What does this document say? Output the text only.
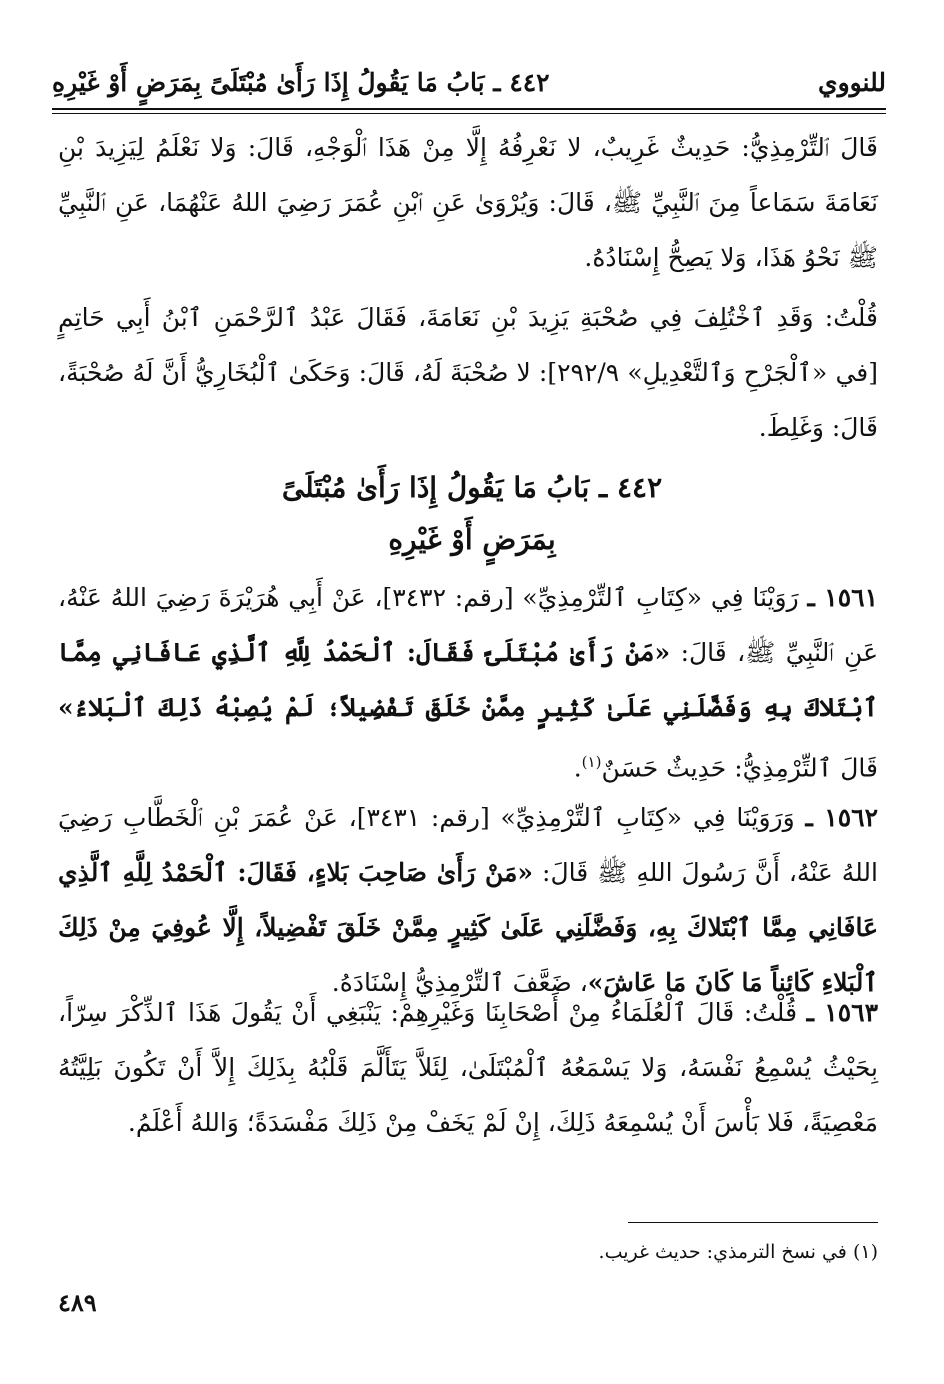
للنووي
٤٤٢ ـ بَابُ مَا يَقُولُ إِذَا رَأَىٰ مُبْتَلَىً بِمَرَضٍ أَوْ غَيْرِهِ
قَالَ ٱلتِّرْمِذِيُّ: حَدِيثٌ غَرِيبٌ، لا نَعْرِفُهُ إِلَّا مِنْ هَذَا ٱلْوَجْهِ، قَالَ: وَلا نَعْلَمُ لِيَزِيدَ بْنِ نَعَامَةَ سَمَاعاً مِنَ ٱلنَّبِيِّ ﷺ، قَالَ: وَيُرْوَىٰ عَنِ ٱبْنِ عُمَرَ رَضِيَ اللهُ عَنْهُمَا، عَنِ ٱلنَّبِيِّ ﷺ نَحْوُ هَذَا، وَلا يَصِحُّ إِسْنَادُهُ.
قُلْتُ: وَقَدِ ٱخْتُلِفَ فِي صُحْبَةِ يَزِيدَ بْنِ نَعَامَةَ، فَقَالَ عَبْدُ ٱلرَّحْمَنِ ٱبْنُ أَبِي حَاتِمٍ [في «ٱلْجَرْحِ وَٱلتَّعْدِيلِ» ٢٩٢/٩]: لا صُحْبَةَ لَهُ، قَالَ: وَحَكَىٰ ٱلْبُخَارِيُّ أَنَّ لَهُ صُحْبَةً، قَالَ: وَغَلِطَ.
٤٤٢ ـ بَابُ مَا يَقُولُ إِذَا رَأَىٰ مُبْتَلَىً
بِمَرَضٍ أَوْ غَيْرِهِ
١٥٦١ ـ رَوَيْنَا فِي «كِتَابِ ٱلتِّرْمِذِيِّ» [رقم: ٣٤٣٢]، عَنْ أَبِي هُرَيْرَةَ رَضِيَ اللهُ عَنْهُ، عَنِ ٱلنَّبِيِّ ﷺ، قَالَ: «مَنْ رَأَىٰ مُبْتَلَىً فَقَالَ: ٱلْحَمْدُ لِلَّهِ ٱلَّذِي عَافَانِي مِمَّا ٱبْتَلاكَ بِهِ وَفَضَّلَنِي عَلَىٰ كَثِيرٍ مِمَّنْ خَلَقَ تَفْضِيلاً؛ لَمْ يُصِبْهُ ذَلِكَ ٱلْبَلاءُ» قَالَ ٱلتِّرْمِذِيُّ: حَدِيثٌ حَسَنٌ$^{(١)}$.
١٥٦٢ ـ وَرَوَيْنَا فِي «كِتَابِ ٱلتِّرْمِذِيِّ» [رقم: ٣٤٣١]، عَنْ عُمَرَ بْنِ ٱلْخَطَّابِ رَضِيَ اللهُ عَنْهُ، أَنَّ رَسُولَ اللهِ ﷺ قَالَ: «مَنْ رَأَىٰ صَاحِبَ بَلاءٍ، فَقَالَ: ٱلْحَمْدُ لِلَّهِ ٱلَّذِي عَافَانِي مِمَّا ٱبْتَلاكَ بِهِ، وَفَضَّلَنِي عَلَىٰ كَثِيرٍ مِمَّنْ خَلَقَ تَفْضِيلاً، إِلَّا عُوفِيَ مِنْ ذَلِكَ ٱلْبَلاءِ كَائِناً مَا كَانَ مَا عَاشَ»، ضَعَّفَ ٱلتِّرْمِذِيُّ إِسْنَادَهُ.
١٥٦٣ ـ قُلْتُ: قَالَ ٱلْعُلَمَاءُ مِنْ أَصْحَابِنَا وَغَيْرِهِمْ: يَنْبَغِي أَنْ يَقُولَ هَذَا ٱلذِّكْرَ سِرّاً، بِحَيْثُ يُسْمِعُ نَفْسَهُ، وَلا يَسْمَعُهُ ٱلْمُبْتَلَىٰ، لِئَلاَّ يَتَأَلَّمَ قَلْبُهُ بِذَلِكَ إِلاَّ أَنْ تَكُونَ بَلِيَّتُهُ مَعْصِيَةً، فَلا بَأْسَ أَنْ يُسْمِعَهُ ذَلِكَ، إِنْ لَمْ يَخَفْ مِنْ ذَلِكَ مَفْسَدَةً؛ وَاللهُ أَعْلَمُ.
(١) في نسخ الترمذي: حديث غريب.
٤٨٩
